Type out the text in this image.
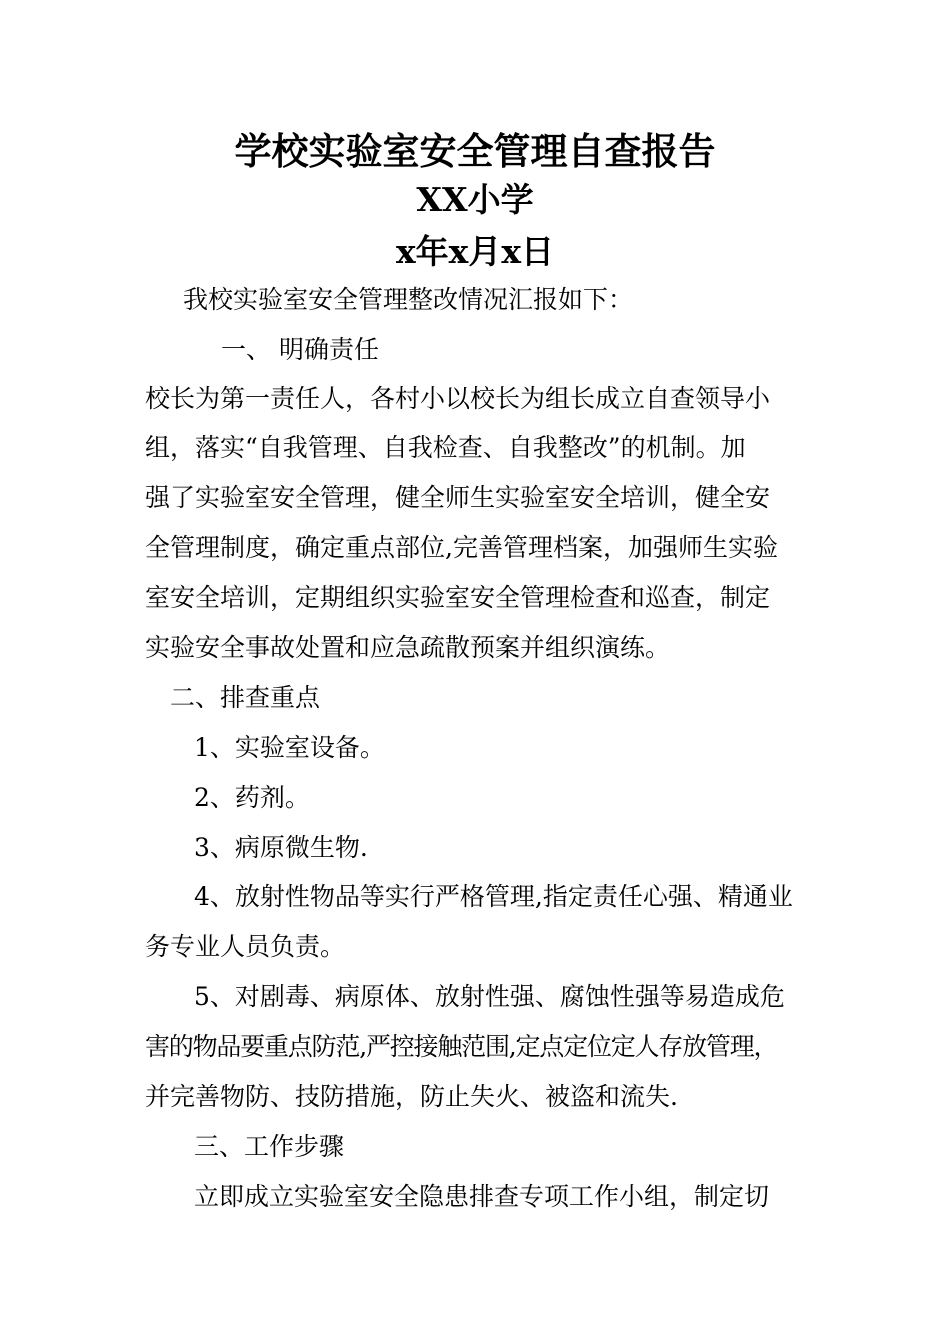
学校实验室安全管理自查报告
XX小学
x年x月x日
我校实验室安全管理整改情况汇报如下：
一、 明确责任
校长为第一责任人，各村小以校长为组长成立自查领导小
组，落实“自我管理、自我检查、自我整改”的机制。加
强了实验室安全管理，健全师生实验室安全培训，健全安
全管理制度，确定重点部位,完善管理档案，加强师生实验
室安全培训，定期组织实验室安全管理检查和巡查，制定
实验安全事故处置和应急疏散预案并组织演练。
二、排查重点
1、实验室设备。
2、药剂。
3、病原微生物.
4、放射性物品等实行严格管理,指定责任心强、精通业
务专业人员负责。
5、对剧毒、病原体、放射性强、腐蚀性强等易造成危
害的物品要重点防范,严控接触范围,定点定位定人存放管理，
并完善物防、技防措施，防止失火、被盗和流失.
三、工作步骤
立即成立实验室安全隐患排查专项工作小组，制定切
